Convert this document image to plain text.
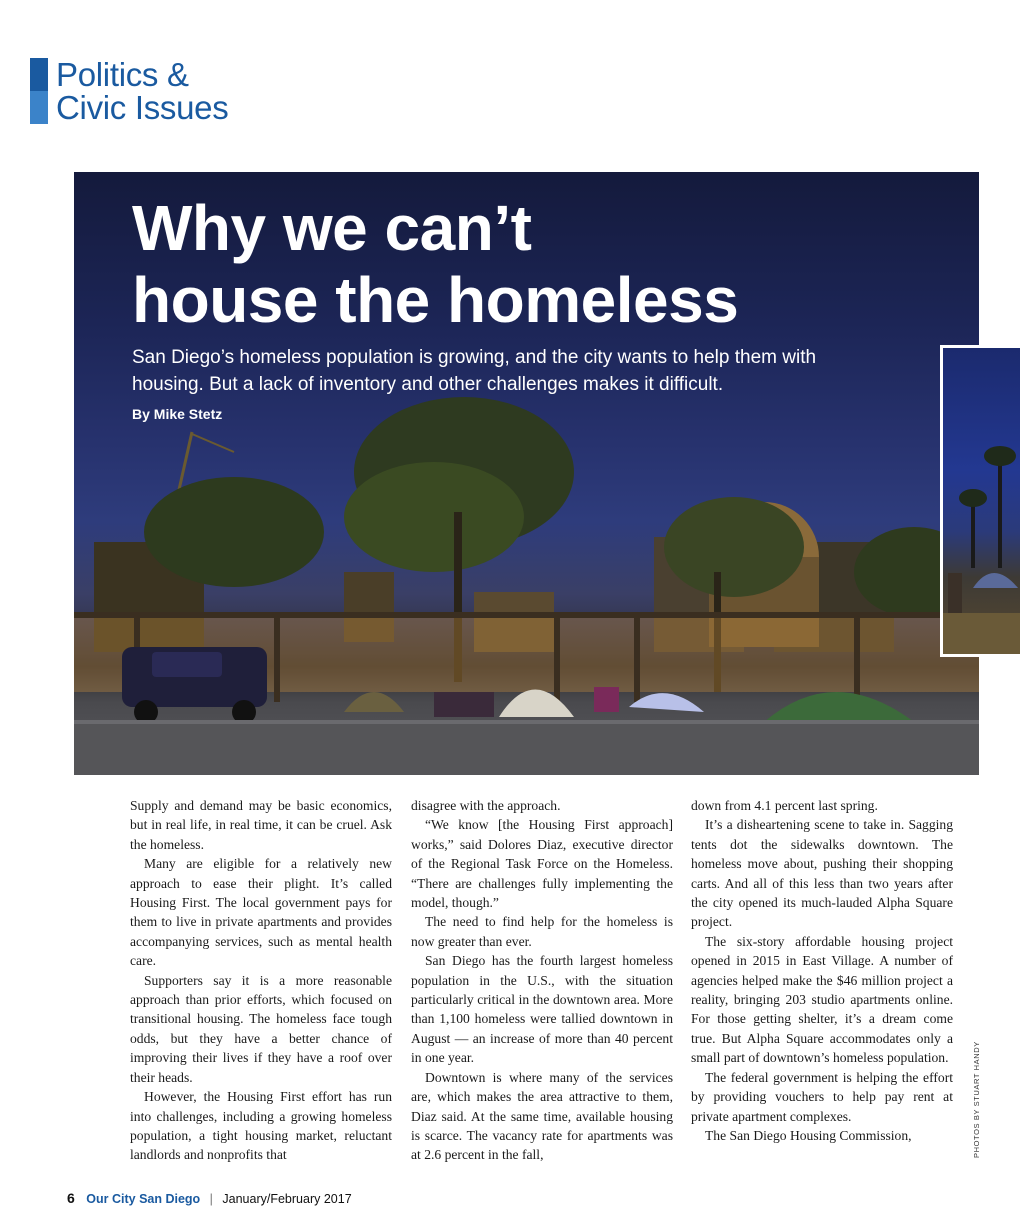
Politics &
Civic Issues
Why we can’t
house the homeless
San Diego’s homeless population is growing, and the city wants to help them with housing. But a lack of inventory and other challenges makes it difficult.
By Mike Stetz

Supply and demand may be basic economics, but in real life, in real time, it can be cruel. Ask the homeless.

Many are eligible for a relatively new approach to ease their plight. It’s called Housing First. The local government pays for them to live in private apartments and provides accompanying services, such as mental health care.

Supporters say it is a more reasonable approach than prior efforts, which focused on transitional housing. The homeless face tough odds, but they have a better chance of improving their lives if they have a roof over their heads.

However, the Housing First effort has run into challenges, including a growing homeless population, a tight housing market, reluctant landlords and nonprofits that

disagree with the approach.

“We know [the Housing First approach] works,” said Dolores Diaz, executive director of the Regional Task Force on the Homeless. “There are challenges fully implementing the model, though.”

The need to find help for the homeless is now greater than ever.

San Diego has the fourth largest homeless population in the U.S., with the situation particularly critical in the downtown area. More than 1,100 homeless were tallied downtown in August — an increase of more than 40 percent in one year.

Downtown is where many of the services are, which makes the area attractive to them, Diaz said. At the same time, available housing is scarce. The vacancy rate for apartments was at 2.6 percent in the fall,

down from 4.1 percent last spring.

It’s a disheartening scene to take in. Sagging tents dot the sidewalks downtown. The homeless move about, pushing their shopping carts. And all of this less than two years after the city opened its much-lauded Alpha Square project.

The six-story affordable housing project opened in 2015 in East Village. A number of agencies helped make the $46 million project a reality, bringing 203 studio apartments online. For those getting shelter, it’s a dream come true. But Alpha Square accommodates only a small part of downtown’s homeless population.

The federal government is helping the effort by providing vouchers to help pay rent at private apartment complexes.

The San Diego Housing Commission,	PHOTOS BY STUART HANDY
6 Our City San Diego | January/February 2017
